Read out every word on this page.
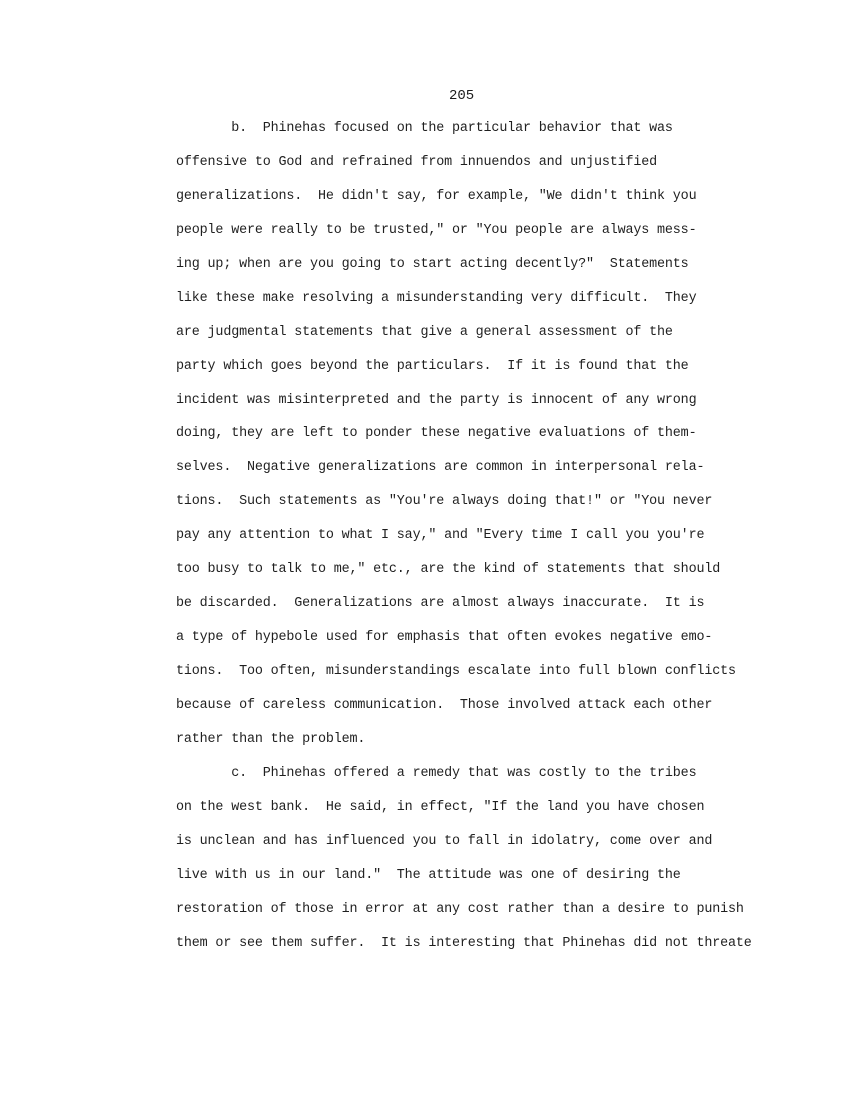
205
b.  Phinehas focused on the particular behavior that was
offensive to God and refrained from innuendos and unjustified
generalizations.  He didn't say, for example, "We didn't think you
people were really to be trusted," or "You people are always mess-
ing up; when are you going to start acting decently?"  Statements
like these make resolving a misunderstanding very difficult.  They
are judgmental statements that give a general assessment of the
party which goes beyond the particulars.  If it is found that the
incident was misinterpreted and the party is innocent of any wrong
doing, they are left to ponder these negative evaluations of them-
selves.  Negative generalizations are common in interpersonal rela-
tions.  Such statements as "You're always doing that!" or "You never
pay any attention to what I say," and "Every time I call you you're
too busy to talk to me," etc., are the kind of statements that should
be discarded.  Generalizations are almost always inaccurate.  It is
a type of hypebole used for emphasis that often evokes negative emo-
tions.  Too often, misunderstandings escalate into full blown conflicts
because of careless communication.  Those involved attack each other
rather than the problem.
c.  Phinehas offered a remedy that was costly to the tribes
on the west bank.  He said, in effect, "If the land you have chosen
is unclean and has influenced you to fall in idolatry, come over and
live with us in our land."  The attitude was one of desiring the
restoration of those in error at any cost rather than a desire to punish
them or see them suffer.  It is interesting that Phinehas did not threate
